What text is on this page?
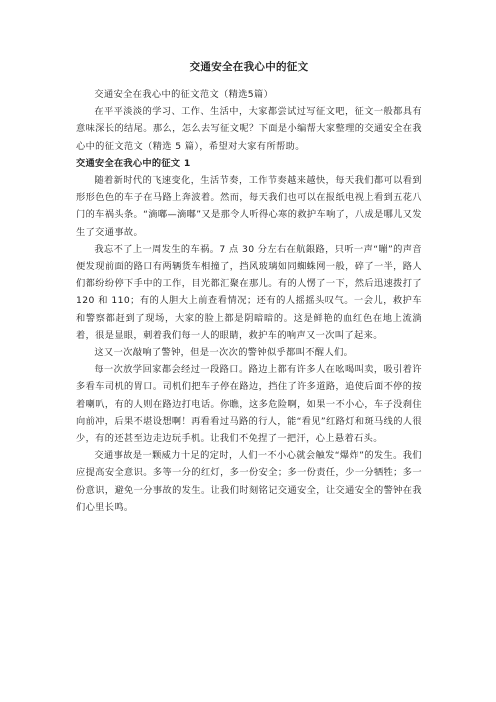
交通安全在我心中的征文

交通安全在我心中的征文范文（精选5篇）

在平平淡淡的学习、工作、生活中，大家都尝试过写征文吧，征文一般都具有意味深长的结尾。那么，怎么去写征文呢？下面是小编帮大家整理的交通安全在我心中的征文范文（精选 5 篇），希望对大家有所帮助。

交通安全在我心中的征文 1

随着新时代的飞速变化，生活节奏，工作节奏越来越快，每天我们都可以看到形形色色的车子在马路上奔波着。然而，每天我们也可以在报纸电视上看到五花八门的车祸头条。“滴嘟—滴嘟”又是那令人听得心寒的救护车响了，八成是哪儿又发生了交通事故。

我忘不了上一周发生的车祸。7 点 30 分左右在航銀路，只听一声“嘣”的声音便发现前面的路口有两辆货车相撞了，挡风玻璃如同蜘蛛网一般，碎了一半，路人们都纷纷停下手中的工作，目光都汇聚在那儿。有的人愣了一下，然后迅速拨打了 120 和 110；有的人胆大上前查看情况；还有的人摇摇头叹气。一会儿，救护车和警察都赶到了现场，大家的脸上都是阴暗暗的。这是鲜艳的血红色在地上流淌着，很是显眼，刺着我们每一人的眼睛，救护车的响声又一次叫了起来。

这又一次敲响了警钟，但是一次次的警钟似乎都叫不醒人们。

每一次放学回家都会经过一段路口。路边上都有许多人在吆喝叫卖，吸引着许多看车司机的胃口。司机们把车子停在路边，挡住了许多道路，追使后面不停的按着喇叭，有的人则在路边打电话。你瞧，这多危险啊，如果一不小心，车子没刹住向前冲，后果不堪设想啊！再看看过马路的行人，能“看见”红路灯和斑马线的人很少，有的还甚至边走边玩手机。让我们不免捏了一把汗，心上悬着石头。

交通事故是一颗威力十足的定时，人们一不小心就会触发“爆炸”的发生。我们应提高安全意识。多等一分的红灯，多一份安全；多一份责任，少一分牺牲；多一份意识，避免一分事故的发生。让我们时刻铭记交通安全，让交通安全的警钟在我们心里长鸣。
